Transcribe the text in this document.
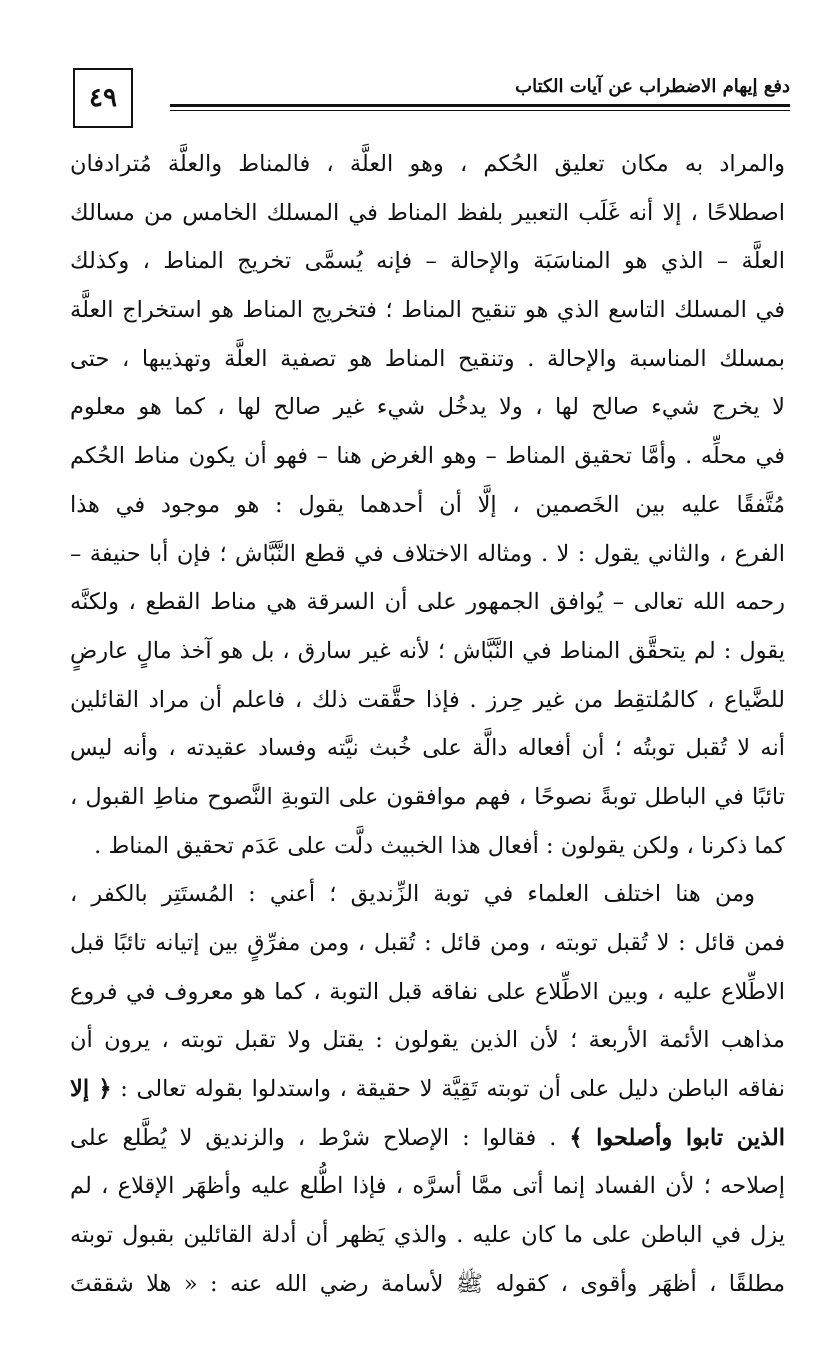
٤٩	دفع إيهام الاضطراب عن آيات الكتاب
والمراد به مكان تعليق الحُكم ، وهو العلَّة ، فالمناط والعلَّة مُترادفان
اصطلاحًا ، إلا أنه غَلَب التعبير بلفظ المناط في المسلك الخامس من مسالك
العلَّة – الذي هو المناسَبَة والإحالة – فإنه يُسمَّى تخريج المناط ، وكذلك
في المسلك التاسع الذي هو تنقيح المناط ؛ فتخريج المناط هو استخراج العلَّة
بمسلك المناسبة والإحالة . وتنقيح المناط هو تصفية العلَّة وتهذيبها ، حتى
لا يخرج شيء صالح لها ، ولا يدخُل شيء غير صالح لها ، كما هو معلوم
في محلِّه . وأمَّا تحقيق المناط – وهو الغرض هنا – فهو أن يكون مناط الحُكم
مُتَّفقًا عليه بين الخَصمين ، إلَّا أن أحدهما يقول : هو موجود في هذا
الفرع ، والثاني يقول : لا . ومثاله الاختلاف في قطع النَّبَّاش ؛ فإن أبا حنيفة –
رحمه الله تعالى – يُوافق الجمهور على أن السرقة هي مناط القطع ، ولكنَّه
يقول : لم يتحقَّق المناط في النَّبَّاش ؛ لأنه غير سارق ، بل هو آخذ مالٍ عارضٍ
للضَّياع ، كالمُلتقِط من غير حِرز . فإذا حقَّقت ذلك ، فاعلم أن مراد القائلين
أنه لا تُقبل توبتُه ؛ أن أفعاله دالَّة على خُبث نيَّته وفساد عقيدته ، وأنه ليس
تائبًا في الباطل توبةً نصوحًا ، فهم موافقون على التوبةِ النَّصوح مناطِ القبول ،
كما ذكرنا ، ولكن يقولون : أفعال هذا الخبيث دلَّت على عَدَم تحقيق المناط .
ومن هنا اختلف العلماء في توبة الزِّنديق ؛ أعني : المُستَتِر بالكفر ،
فمن قائل : لا تُقبل توبته ، ومن قائل : تُقبل ، ومن مفرِّقٍ بين إتيانه تائبًا قبل
الاطِّلاع عليه ، وبين الاطِّلاع على نفاقه قبل التوبة ، كما هو معروف في فروع
مذاهب الأئمة الأربعة ؛ لأن الذين يقولون : يقتل ولا تقبل توبته ، يرون أن
نفاقه الباطن دليل على أن توبته تَقِيَّة لا حقيقة ، واستدلوا بقوله تعالى : ﴿ إلا
الذين تابوا وأصلحوا ﴾ . فقالوا : الإصلاح شرْط ، والزنديق لا يُطَّلع على
إصلاحه ؛ لأن الفساد إنما أتى ممَّا أسرَّه ، فإذا اطُّلع عليه وأظهَر الإقلاع ، لم
يزل في الباطن على ما كان عليه . والذي يَظهر أن أدلة القائلين بقبول توبته
مطلقًا ، أظهَر وأقوى ، كقوله ﷺ لأسامة رضي الله عنه : « هلا شققتَ
